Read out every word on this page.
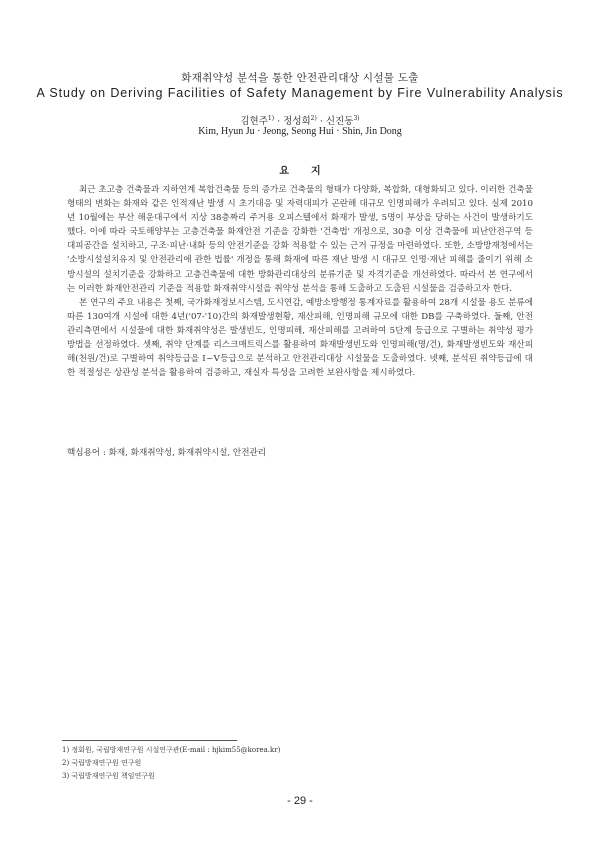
화재취약성 분석을 통한 안전관리대상 시설물 도출
A Study on Deriving Facilities of Safety Management by Fire Vulnerability Analysis
김현주$^{1)}$ · 정성희$^{2)}$ · 신진동$^{3)}$
Kim, Hyun Ju · Jeong, Seong Hui · Shin, Jin Dong
요지

최근 초고층 건축물과 지하연계 복합건축물 등의 증가로 건축물의 형태가 다양화, 복합화, 대형화되고 있다. 이러한 건축물 형태의 변화는 화재와 같은 인적재난 발생 시 초기대응 및 자력대피가 곤란해 대규모 인명피해가 우려되고 있다. 실제 2010년 10월에는 부산 해운대구에서 지상 38층짜리 주거용 오피스텔에서 화재가 발생, 5명이 부상을 당하는 사건이 발생하기도 했다. 이에 따라 국토해양부는 고층건축물 화재안전 기준을 강화한 '건축법' 개정으로, 30층 이상 건축물에 피난안전구역 등 대피공간을 설치하고, 구조·피난·내화 등의 안전기준을 강화 적용할 수 있는 근거 규정을 마련하였다. 또한, 소방방재청에서는 '소방시설설치유지 및 안전관리에 관한 법률' 개정을 통해 화재에 따른 재난 발생 시 대규모 인명·재난 피해를 줄이기 위해 소방시설의 설치기준을 강화하고 고층건축물에 대한 방화관리대상의 분류기준 및 자격기준을 개선하였다. 따라서 본 연구에서는 이러한 화재안전관리 기준을 적용할 화재취약시설을 취약성 분석을 통해 도출하고 도출된 시설물을 검증하고자 한다.

본 연구의 주요 내용은 첫째, 국가화재정보시스템, 도시연감, 예방소방행정 통계자료를 활용하여 28개 시설물 용도 분류에 따른 130여개 시설에 대한 4년('07-'10)간의 화재발생현황, 재산피해, 인명피해 규모에 대한 DB를 구축하였다. 둘째, 안전관리측면에서 시설물에 대한 화재취약성은 발생빈도, 인명피해, 재산피해를 고려하여 5단계 등급으로 구별하는 취약성 평가방법을 선정하였다. 셋째, 취약 단계를 리스크매트릭스를 활용하여 화재발생빈도와 인명피해(명/건), 화재발생빈도와 재산피해(천원/건)로 구별하여 취약등급을 Ⅰ~Ⅴ등급으로 분석하고 안전관리대상 시설물을 도출하였다. 넷째, 분석된 취약등급에 대한 적절성은 상관성 분석을 활용하여 검증하고, 재실자 특성을 고려한 보완사항을 제시하였다.

핵심용어 : 화재, 화재취약성, 화재취약시설, 안전관리
1) 정회원, 국립방재연구원 시설연구관(E-mail : hjkim55@korea.kr)
2) 국립방재연구원 연구원
3) 국립방재연구원 책임연구원
- 29 -
